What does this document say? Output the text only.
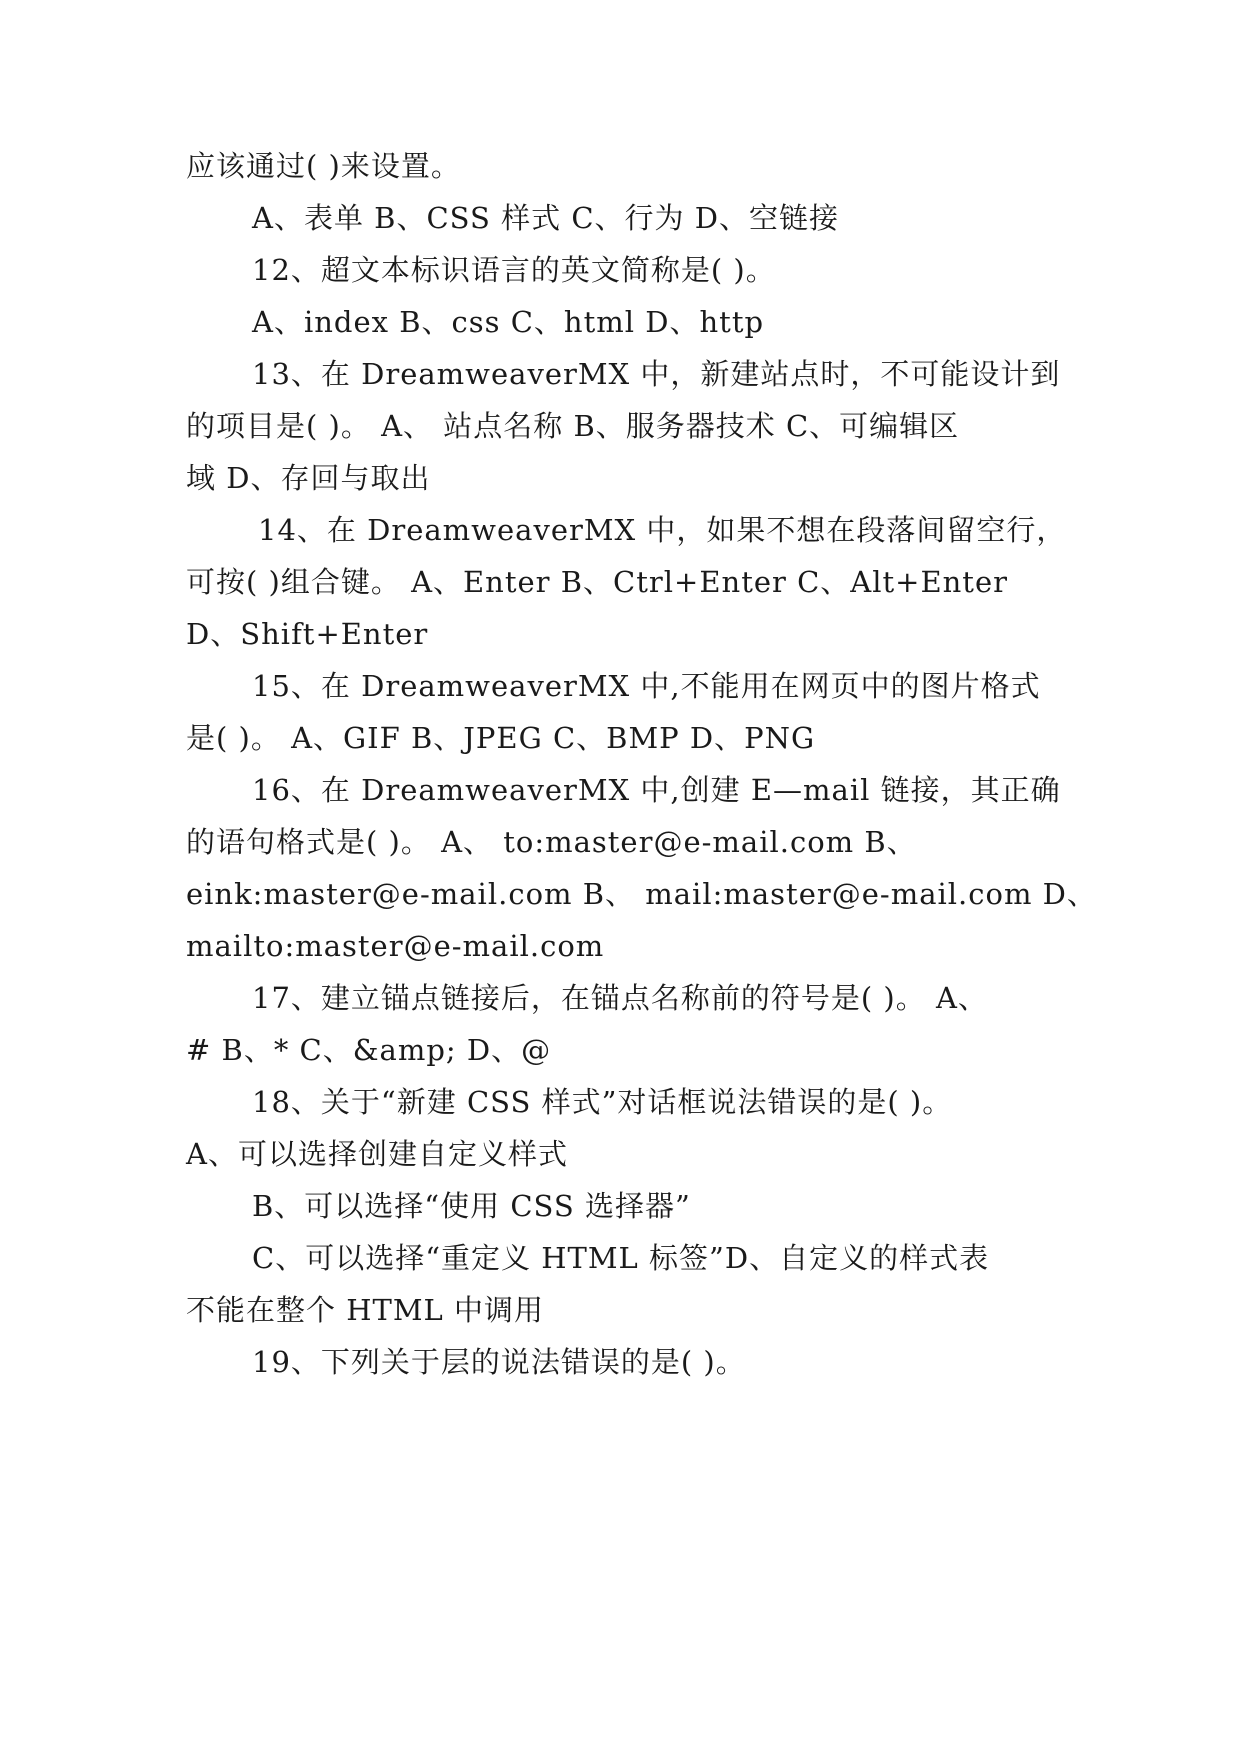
应该通过( )来设置。
A、表单 B、CSS 样式 C、行为 D、空链接
12、超文本标识语言的英文简称是( )。
A、index B、css C、html D、http
13、在 DreamweaverMX 中，新建站点时，不可能设计到
的项目是( )。 A、 站点名称 B、服务器技术 C、可编辑区
域 D、存回与取出
14、在 DreamweaverMX 中，如果不想在段落间留空行，
可按( )组合键。 A、Enter B、Ctrl+Enter C、Alt+Enter
D、Shift+Enter
15、在 DreamweaverMX 中,不能用在网页中的图片格式
是( )。 A、GIF B、JPEG C、BMP D、PNG
16、在 DreamweaverMX 中,创建 E—mail 链接，其正确
的语句格式是( )。 A、 to:master@e-mail.com B、
eink:master@e-mail.com B、 mail:master@e-mail.com D、
mailto:master@e-mail.com
17、建立锚点链接后，在锚点名称前的符号是( )。 A、
# B、* C、&amp; D、@
18、关于“新建 CSS 样式”对话框说法错误的是( )。
A、可以选择创建自定义样式
B、可以选择“使用 CSS 选择器”
C、可以选择“重定义 HTML 标签”D、自定义的样式表
不能在整个 HTML 中调用
19、下列关于层的说法错误的是( )。
